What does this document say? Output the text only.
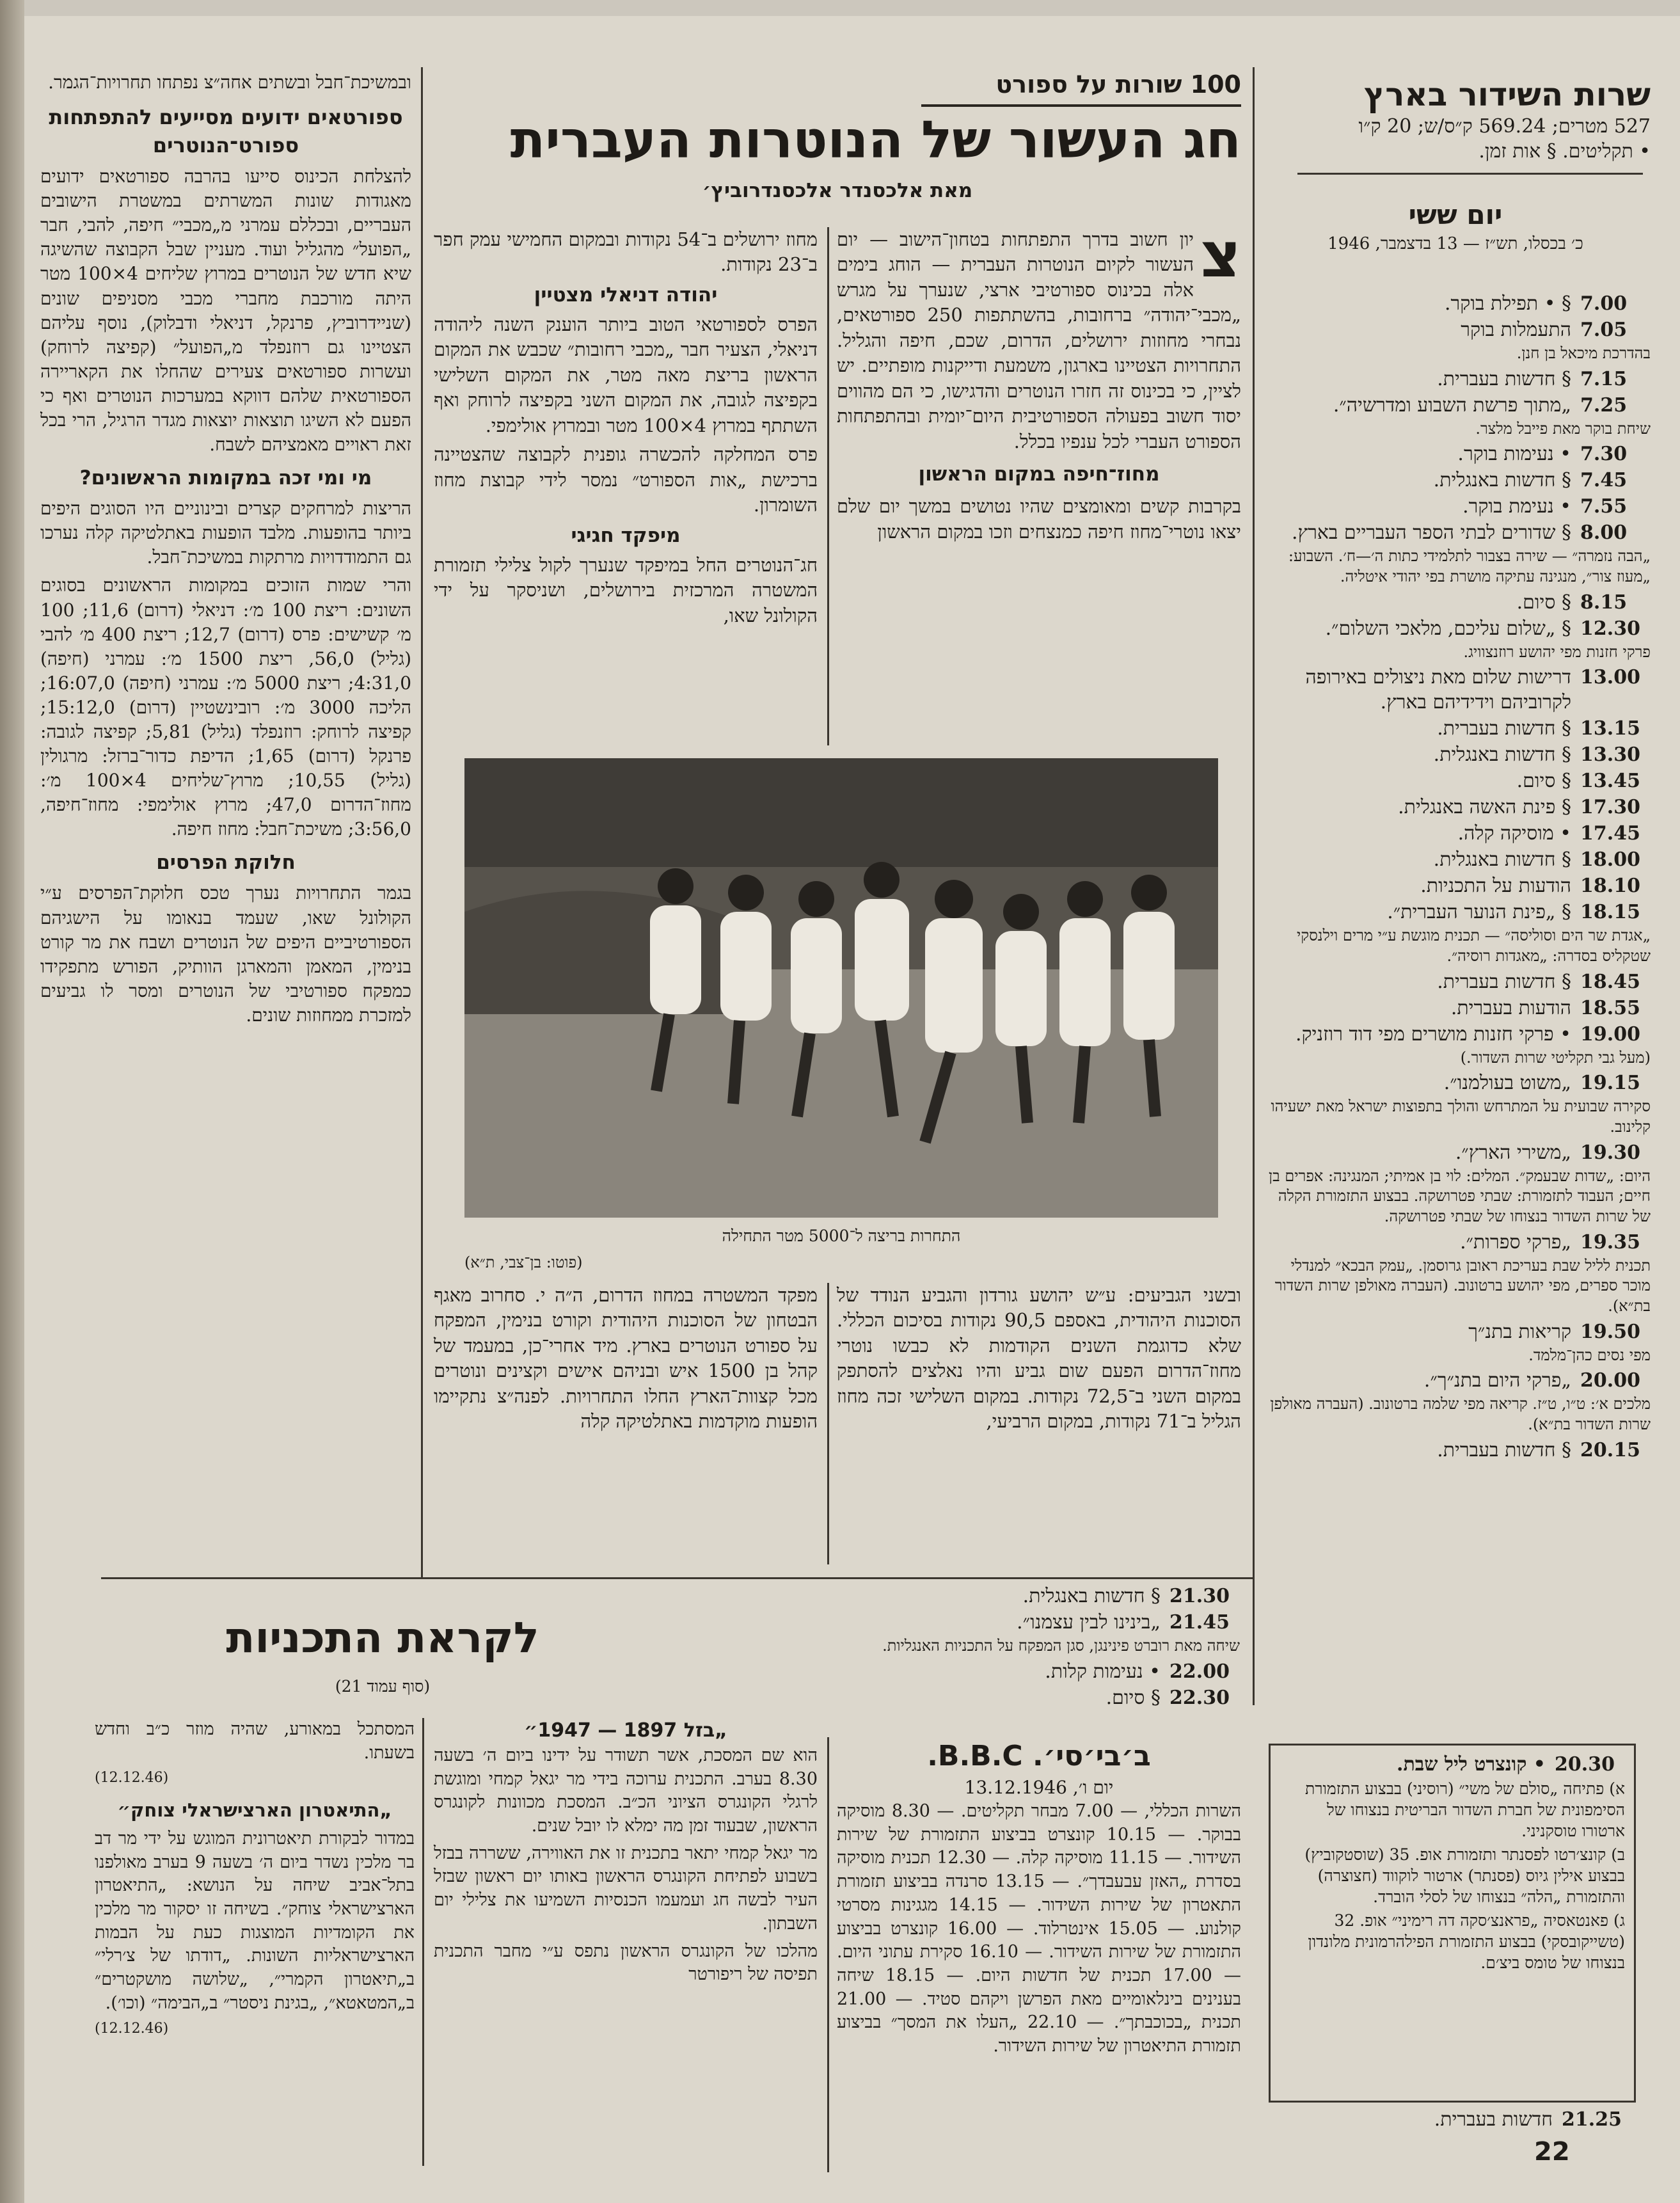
שרות השידור בארץ
527 מטרים; 569.24 ק״ס/ש; 20 ק״ו
• תקליטים. § אות זמן.
יום ששי
כ׳ בכסלו, תש״ז — 13 בדצמבר, 1946
7.00
§ • תפילת בוקר.
7.05
התעמלות בוקר
בהדרכת מיכאל בן חנן.
7.15
§ חדשות בעברית.
7.25
„מתוך פרשת השבוע ומדרשיה״.
שיחת בוקר מאת פייבל מלצר.
7.30
• נעימות בוקר.
7.45
§ חדשות באנגלית.
7.55
• נעימת בוקר.
8.00
§ שדורים לבתי הספר העבריים בארץ.
„הבה נזמרה״ — שירה בצבור לתלמידי כתות ה׳—ח׳. השבוע: „מעוז צור״, מנגינה עתיקה מושרת בפי יהודי איטליה.
8.15
§ סיום.
12.30
§ „שלום עליכם, מלאכי השלום״.
פרקי חזנות מפי יהושע רוזנצוויג.
13.00
דרישות שלום מאת ניצולים באירופה לקרוביהם וידידיהם בארץ.
13.15
§ חדשות בעברית.
13.30
§ חדשות באנגלית.
13.45
§ סיום.
17.30
§ פינת האשה באנגלית.
17.45
• מוסיקה קלה.
18.00
§ חדשות באנגלית.
18.10
הודעות על התכניות.
18.15
§ „פינת הנוער העברית״.
„אגדת שר הים וסוליסה״ — תכנית מוגשת ע״י מרים וילנסקי שטקליס בסדרה: „מאגדות רוסיה״.
18.45
§ חדשות בעברית.
18.55
הודעות בעברית.
19.00
• פרקי חזנות מושרים מפי דוד רוזניק.
(מעל גבי תקליטי שרות השדור.)
19.15
„משוט בעולמנו״.
סקירה שבועית על המתרחש והולך בתפוצות ישראל מאת ישעיהו קלינוב.
19.30
„משירי הארץ״.
היום: „שדות שבעמק״. המלים: לוי בן אמיתי; המנגינה: אפרים בן חיים; העבוד לתזמורת: שבתי פטרושקה. בבצוע התזמורת הקלה של שרות השדור בנצוחו של שבתי פטרושקה.
19.35
„פרקי ספרות״.
תכנית לליל שבת בעריכת ראובן גרוסמן. „עמק הבכא״ למנדלי מוכר ספרים, מפי יהושע ברטונוב. (העברה מאולפן שרות השדור בת״א).
19.50
קריאות בתנ״ך
מפי נסים כהן־מלמד.
20.00
„פרקי היום בתנ״ך״.
מלכים א׳: ט״ו, ט״ז. קריאה מפי שלמה ברטונוב. (העברה מאולפן שרות השדור בת״א).
20.15
§ חדשות בעברית.
20.30
• קונצרט ליל שבת.
א) פתיחה „סולם של משי״ (רוסיני) בבצוע התזמורת הסימפונית של חברת השדור הבריטית בנצוחו של ארטורו טוסקניני.
ב) קונצ׳רטו לפסנתר ותזמורת אופ. 35 (שוסטקוביץ) בבצוע אילין גיוס (פסנתר) ארטור לוקווד (חצוצרה) והתזמורת „הלה״ בנצוחו של לסלי הוברד.
ג) פאנטאסיה „פראנצ׳סקה דה רימיני״ אופ. 32 (טשייקובסקי) בבצוע התזמורת הפילהרמונית מלונדון בנצוחו של טומס ביצ׳ם.
21.25
חדשות בעברית.
100 שורות על ספורט
חג העשור של הנוטרות העברית
מאת אלכסנדר אלכסנדרוביץ׳

צ
יון חשוב בדרך התפתחות בטחון־הישוב — יום העשור לקיום הנוטרות העברית — הוחג בימים אלה בכינוס ספורטיבי ארצי, שנערך על מגרש „מכבי־יהודה״ ברחובות, בהשתתפות 250 ספורטאים, נבחרי מחוזות ירושלים, הדרום, שכם, חיפה והגליל. התחרויות הצטיינו בארגון, משמעת ודייקנות מופתיים. יש לציין, כי בכינוס זה חזרו הנוטרים והדגישו, כי הם מהווים יסוד חשוב בפעולה הספורטיבית היום־יומית ובהתפתחות הספורט העברי לכל ענפיו בכלל.

מחוז־חיפה במקום הראשון

בקרבות קשים ומאומצים שהיו נטושים במשך יום שלם יצאו נוטרי־מחוז חיפה כמנצחים וזכו במקום הראשון

מחוז ירושלים ב־54 נקודות ובמקום החמישי עמק חפר ב־23 נקודות.

יהודה דניאלי מצטיין

הפרס לספורטאי הטוב ביותר הוענק השנה ליהודה דניאלי, הצעיר חבר „מכבי רחובות״ שכבש את המקום הראשון בריצת מאה מטר, את המקום השלישי בקפיצה לגובה, את המקום השני בקפיצה לרוחק ואף השתתף במרוץ 4×100 מטר ובמרוץ אולימפי.

פרס המחלקה להכשרה גופנית לקבוצה שהצטיינה ברכישת „אות הספורט״ נמסר לידי קבוצת מחוז השומרון.

מיפקד חגיגי

חג־הנוטרים החל במיפקד שנערך לקול צלילי תזמורת המשטרה המרכזית בירושלים, ושניסקר על ידי הקולונל שאו,

התחרות בריצה ל־5000 מטר התחילה
(פוטו: בן־צבי, ת״א)
ובשני הגביעים: ע״ש יהושע גורדון והגביע הנודד של הסוכנות היהודית, באספם 90,5 נקודות בסיכום הכללי. שלא כדוגמת השנים הקודמות לא כבשו נוטרי מחוז־הדרום הפעם שום גביע והיו נאלצים להסתפק במקום השני ב־72,5 נקודות. במקום השלישי זכה מחוז הגליל ב־71 נקודות, במקום הרביעי,
מפקד המשטרה במחוז הדרום, ה״ה י. סחרוב מאגף הבטחון של הסוכנות היהודית וקורט בנימין, המפקח על ספורט הנוטרים בארץ. מיד אחרי־כן, במעמד של קהל בן 1500 איש ובניהם אישים וקצינים ונוטרים מכל קצוות־הארץ החלו התחרויות. לפנה״צ נתקיימו הופעות מוקדמות באתלטיקה קלה

ובמשיכת־חבל ובשתים אחה״צ נפתחו תחרויות־הגמר.

ספורטאים ידועים מסייעים להתפתחות ספורט־הנוטרים

להצלחת הכינוס סייעו בהרבה ספורטאים ידועים מאגודות שונות המשרתים במשטרת הישובים העבריים, ובכללם עמרני מ„מכבי״ חיפה, להבי, חבר „הפועל״ מהגליל ועוד. מעניין שבל הקבוצה שהשיגה שיא חדש של הנוטרים במרוץ שליחים 4×100 מטר היתה מורכבת מחברי מכבי מסניפים שונים (שניידרוביץ, פרנקל, דניאלי ודבלוק), נוסף עליהם הצטיינו גם רוזנפלד מ„הפועל״ (קפיצה לרוחק) ועשרות ספורטאים צעירים שהחלו את הקאריירה הספורטאית שלהם דווקא במערכות הנוטרים ואף כי הפעם לא השיגו תוצאות יוצאות מגדר הרגיל, הרי בכל זאת ראויים מאמציהם לשבח.

מי ומי זכה במקומות הראשונים?

הריצות למרחקים קצרים ובינוניים היו הסוגים היפים ביותר בהופעות. מלבד הופעות באתלטיקה קלה נערכו גם התמודדויות מרתקות במשיכת־חבל.

והרי שמות הזוכים במקומות הראשונים בסוגים השונים: ריצת 100 מ׳: דניאלי (דרום) 11,6; 100 מ׳ קשישים: פרס (דרום) 12,7; ריצת 400 מ׳ להבי (גליל) 56,0, ריצת 1500 מ׳: עמרני (חיפה) 4:31,0; ריצת 5000 מ׳: עמרני (חיפה) 16:07,0; הליכה 3000 מ׳: רובינשטיין (דרום) 15:12,0; קפיצה לרוחק: רוזנפלד (גליל) 5,81; קפיצה לגובה: פרנקל (דרום) 1,65; הדיפת כדור־ברזל: מרגולין (גליל) 10,55; מרוץ־שליחים 4×100 מ׳: מחוז־הדרום 47,0; מרוץ אולימפי: מחוז־חיפה, 3:56,0; משיכת־חבל: מחוז חיפה.

חלוקת הפרסים

בגמר התחרויות נערך טכס חלוקת־הפרסים ע״י הקולונל שאו, שעמד בנאומו על הישגיהם הספורטיביים היפים של הנוטרים ושבח את מר קורט בנימין, המאמן והמארגן הוותיק, הפורש מתפקידו כמפקח ספורטיבי של הנוטרים ומסר לו גביעים למזכרת ממחוזות שונים.

21.30
§ חדשות באנגלית.
21.45
„בינינו לבין עצמנו״.
שיחה מאת רוברט פינינגן, סגן המפקח על התכניות האנגליות.
22.00
• נעימות קלות.
22.30
§ סיום.
ב׳בי׳סי׳. B.B.C.
יום ו׳, 13.12.1946

השרות הכללי, — 7.00 מבחר תקליטים. — 8.30 מוסיקה בבוקר. — 10.15 קונצרט בביצוע התזמורת של שירות השידור. — 11.15 מוסיקה קלה. — 12.30 תכנית מוסיקה בסדרת „האזן עבעבדך״. — 13.15 סרנדה בביצוע תזמורת התאטרון של שירות השידור. — 14.15 מגגינות מסרטי קולנוע. — 15.05 אינטרלוד. — 16.00 קונצרט בביצוע התזמורת של שירות השידור. — 16.10 סקירת עתוני היום. — 17.00 תכנית של חדשות היום. — 18.15 שיחה בענינים בינלאומיים מאת הפרשן ויקהם סטיד. — 21.00 תכנית „בכוכבתך״. — 22.10 „העלו את המסך״ בביצוע תזמורת התיאטרון של שירות השידור.

לקראת התכניות
(סוף עמוד 21)
„בזל 1897 — 1947״

הוא שם המסכת, אשר תשודר על ידינו ביום ה׳ בשעה 8.30 בערב. התכנית ערוכה בידי מר יגאל קמחי ומוגשת לרגלי הקונגרס הציוני הכ״ב. המסכת מכוונות לקונגרס הראשון, שבעוד זמן מה ימלא לו יובל שנים.

מר יגאל קמחי יתאר בתכנית זו את האווירה, ששררה בבזל בשבוע לפתיחת הקונגרס הראשון באותו יום ראשון שבזל העיר לבשה חג ועמעמו הכנסיות השמיעו את צלילי יום השבתון.

מהלכו של הקונגרס הראשון נתפס ע״י מחבר התכנית תפיסה של ריפורטר

המסתכל במאורע, שהיה מוזר כ״ב וחדש בשעתו.

(12.12.46)
„התיאטרון הארצישראלי צוחק״

במדור לבקורת תיאטרונית המוגש על ידי מר דב בר מלכין נשדר ביום ה׳ בשעה 9 בערב מאולפנו בתל־אביב שיחה על הנושא: „התיאטרון הארצישראלי צוחק״. בשיחה זו יסקור מר מלכין את הקומדיות המוצגות כעת על הבמות הארצישראליות השונות. „דודתו של צ׳רלי״ ב„תיאטרון הקמרי״, „שלושה מושקטרים״ ב„המטאטא״, „בגינת ניסטר״ ב„הבימה״ (וכו׳).

(12.12.46)
22
